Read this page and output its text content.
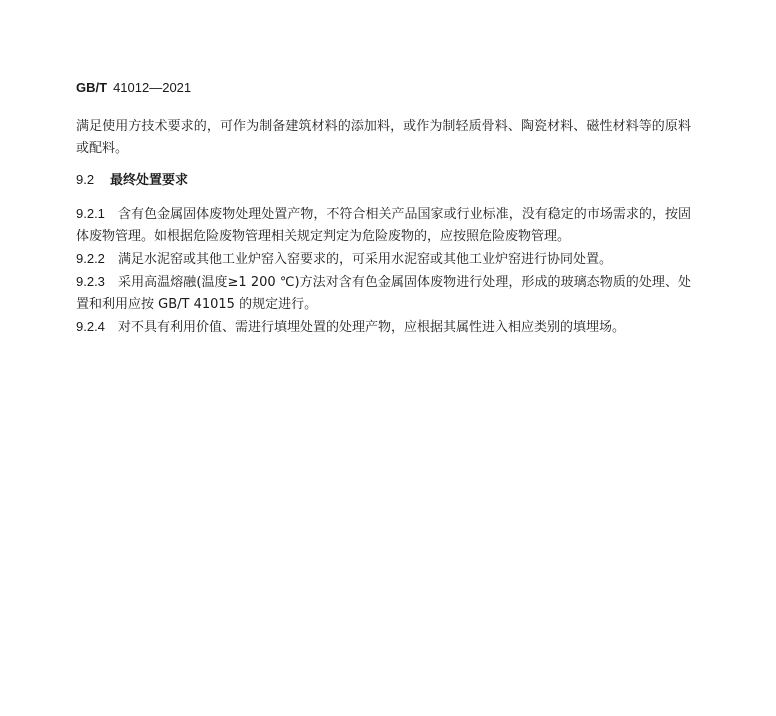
GB/T 41012—2021
满足使用方技术要求的，可作为制备建筑材料的添加料，或作为制轻质骨料、陶瓷材料、磁性材料等的原料或配料。
9.2 最终处置要求

9.2.1 含有色金属固体废物处理处置产物，不符合相关产品国家或行业标准，没有稳定的市场需求的，按固体废物管理。如根据危险废物管理相关规定判定为危险废物的，应按照危险废物管理。

9.2.2 满足水泥窑或其他工业炉窑入窑要求的，可采用水泥窑或其他工业炉窑进行协同处置。

9.2.3 采用高温熔融(温度≥1 200 ℃)方法对含有色金属固体废物进行处理，形成的玻璃态物质的处理、处置和利用应按 GB/T 41015 的规定进行。

9.2.4 对不具有利用价值、需进行填埋处置的处理产物，应根据其属性进入相应类别的填埋场。
